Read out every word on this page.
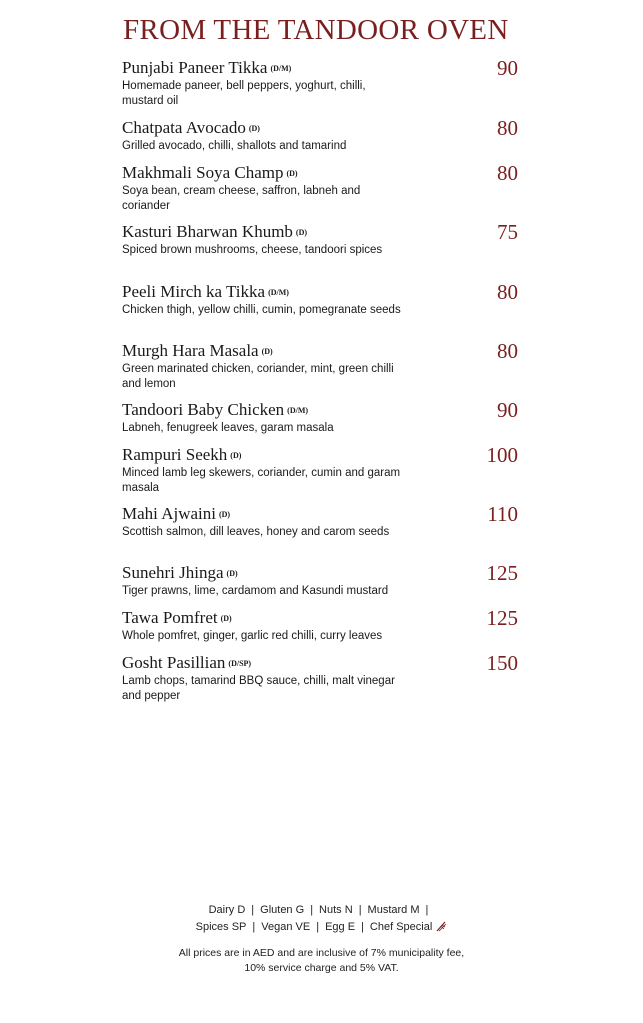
FROM THE TANDOOR OVEN
Punjabi Paneer Tikka (D/M)	90
Homemade paneer, bell peppers, yoghurt, chilli, mustard oil
Chatpata Avocado (D)	80
Grilled avocado, chilli, shallots and tamarind
Makhmali Soya Champ (D)	80
Soya bean, cream cheese, saffron, labneh and coriander
Kasturi Bharwan Khumb (D)	75
Spiced brown mushrooms, cheese, tandoori spices
Peeli Mirch ka Tikka (D/M)	80
Chicken thigh, yellow chilli, cumin, pomegranate seeds
Murgh Hara Masala (D)	80
Green marinated chicken, coriander, mint, green chilli and lemon
Tandoori Baby Chicken (D/M)	90
Labneh, fenugreek leaves, garam masala
Rampuri Seekh (D)	100
Minced lamb leg skewers, coriander, cumin and garam masala
Mahi Ajwaini (D)	110
Scottish salmon, dill leaves, honey and carom seeds
Sunehri Jhinga (D)	125
Tiger prawns, lime, cardamom and Kasundi mustard
Tawa Pomfret (D)	125
Whole pomfret, ginger, garlic red chilli, curry leaves
Gosht Pasillian (D/SP)	150
Lamb chops, tamarind BBQ sauce, chilli, malt vinegar and pepper
Dairy D | Gluten G | Nuts N | Mustard M |
Spices SP | Vegan VE | Egg E | Chef Special
All prices are in AED and are inclusive of 7% municipality fee,
10% service charge and 5% VAT.
